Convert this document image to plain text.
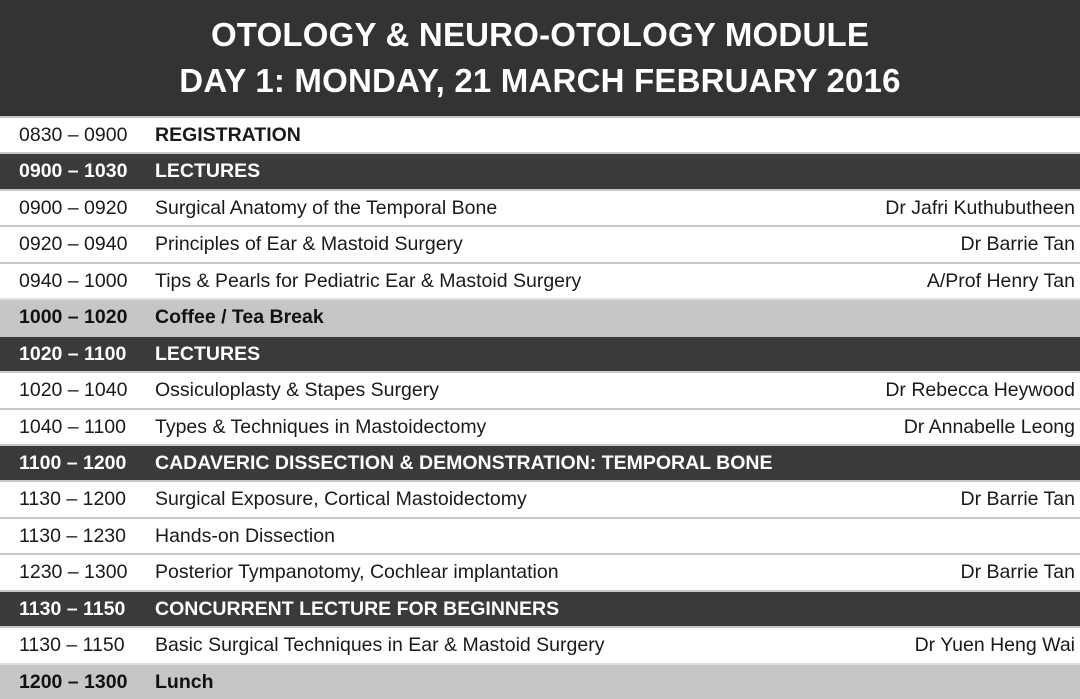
OTOLOGY & NEURO-OTOLOGY MODULE
DAY 1: MONDAY, 21 MARCH FEBRUARY 2016
0830 – 0900 REGISTRATION
0900 – 1030 LECTURES
0900 – 0920 Surgical Anatomy of the Temporal Bone	Dr Jafri Kuthubutheen
0920 – 0940 Principles of Ear & Mastoid Surgery	Dr Barrie Tan
0940 – 1000 Tips & Pearls for Pediatric Ear & Mastoid Surgery	A/Prof Henry Tan
1000 – 1020 Coffee / Tea Break
1020 – 1100 LECTURES
1020 – 1040 Ossiculoplasty & Stapes Surgery	Dr Rebecca Heywood
1040 – 1100 Types & Techniques in Mastoidectomy	Dr Annabelle Leong
1100 – 1200 CADAVERIC DISSECTION & DEMONSTRATION: TEMPORAL BONE
1130 – 1200 Surgical Exposure, Cortical Mastoidectomy	Dr Barrie Tan
1130 – 1230 Hands-on Dissection
1230 – 1300 Posterior Tympanotomy, Cochlear implantation	Dr Barrie Tan
1130 – 1150 CONCURRENT LECTURE FOR BEGINNERS
1130 – 1150 Basic Surgical Techniques in Ear & Mastoid Surgery	Dr Yuen Heng Wai
1200 – 1300 Lunch
